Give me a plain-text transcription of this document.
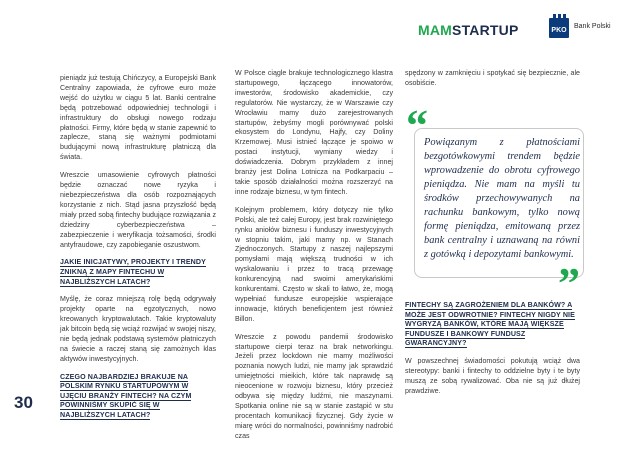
MAMSTARTUP	PKO
Bank Polski

pieniądz już testują Chińczycy, a Europejski Bank Centralny zapowiada, że cyfrowe euro może wejść do użytku w ciągu 5 lat. Banki centralne będą potrzebować odpowiedniej technologii i infrastruktury do obsługi nowego rodzaju płatności. Firmy, które będą w stanie zapewnić to zaplecze, staną się ważnymi podmiotami budującymi nową infrastrukturę płatniczą dla świata.

Wreszcie umasowienie cyfrowych płatności będzie oznaczać nowe ryzyka i niebezpieczeństwa dla osób rozpoznających korzystanie z nich. Stąd jasna przyszłość będą miały przed sobą fintechy budujące rozwiązania z dziedziny cyberbezpieczeństwa – zabezpieczenie i weryfikacja tożsamości, środki antyfraudowe, czy zapobieganie oszustwom.

JAKIE INICJATYWY, PROJEKTY I TRENDY ZNIKNĄ Z MAPY FINTECHU W NAJBLIŻSZYCH LATACH?

Myślę, że coraz mniejszą rolę będą odgrywały projekty oparte na egzotycznych, nowo kreowanych kryptowalutach. Takie kryptowaluty jak bitcoin będą się wciąż rozwijać w swojej niszy, nie będą jednak podstawą systemów płatniczych na świecie a raczej staną się zamożnych klas aktywów inwestycyjnych.

CZEGO NAJBARDZIEJ BRAKUJE NA POLSKIM RYNKU STARTUPOWYM W UJĘCIU BRANŻY FINTECH? NA CZYM POWINNIŚMY SKUPIĆ SIĘ W NAJBLIŻSZYCH LATACH?

W Polsce ciągle brakuje technologicznego klastra startupowego, łączącego innowatorów, inwestorów, środowisko akademickie, czy regulatorów. Nie wystarczy, że w Warszawie czy Wrocławiu mamy dużo zarejestrowanych startupów, żebyśmy mogli porównywać polski ekosystem do Londynu, Hajfy, czy Doliny Krzemowej. Musi istnieć łączące je spoiwo w postaci instytucji, wymiany wiedzy i doświadczenia. Dobrym przykładem z innej branży jest Dolina Lotnicza na Podkarpaciu – takie sposób działalności można rozszerzyć na inne rodzaje biznesu, w tym fintech.

Kolejnym problemem, który dotyczy nie tylko Polski, ale też całej Europy, jest brak rozwiniętego rynku aniołów biznesu i funduszy inwestycyjnych w stopniu takim, jaki mamy np. w Stanach Zjednoczonych. Startupy z naszej najlepszymi pomysłami mają większą trudności w ich wyskalowaniu i przez to tracą przewagę konkurencyjną nad swoimi amerykańskimi konkurentami. Często w skali to łatwo, że, mogą wypełniać fundusze europejskie wspierające innowacje, których beneficjentem jest również Billon.

Wreszcie z powodu pandemii środowisko startupowe cierpi teraz na brak networkingu. Jeżeli przez lockdown nie mamy możliwości poznania nowych ludzi, nie mamy jak sprawdzić umiejętności mieikich, które tak naprawdę są nieocenione w rozwoju biznesu, który przecież odbywa się między ludźmi, nie maszynami. Spotkania online nie są w stanie zastąpić w stu procentach komunikacji fizycznej. Gdy życie w miarę wróci do normalności, powinniśmy nadrobić czas

spędzony w zamknięciu i spotykać się bezpiecznie, ale osobiście.

FINTECHY SĄ ZAGROŻENIEM DLA BANKÓW? A MOŻE JEST ODWROTNIE? FINTECHY NIGDY NIE WYGRYZĄ BANKÓW, KTÓRE MAJĄ WIĘKSZE FUNDUSZE I BANKOWY FUNDUSZ GWARANCYJNY?

W powszechnej świadomości pokutują wciąż dwa stereotypy: banki i fintechy to oddzielne byty i te byty muszą ze sobą rywalizować. Oba nie są już dłużej prawdziwe.

“
Powiązanym z płatnościami bezgotówkowymi trendem będzie wprowadzenie do obrotu cyfrowego pieniądza. Nie mam na myśli tu środków przechowywanych na rachunku bankowym, tylko nową formę pieniądza, emitowaną przez bank centralny i uznawaną na równi z gotówką i depozytami bankowymi.
”
30
